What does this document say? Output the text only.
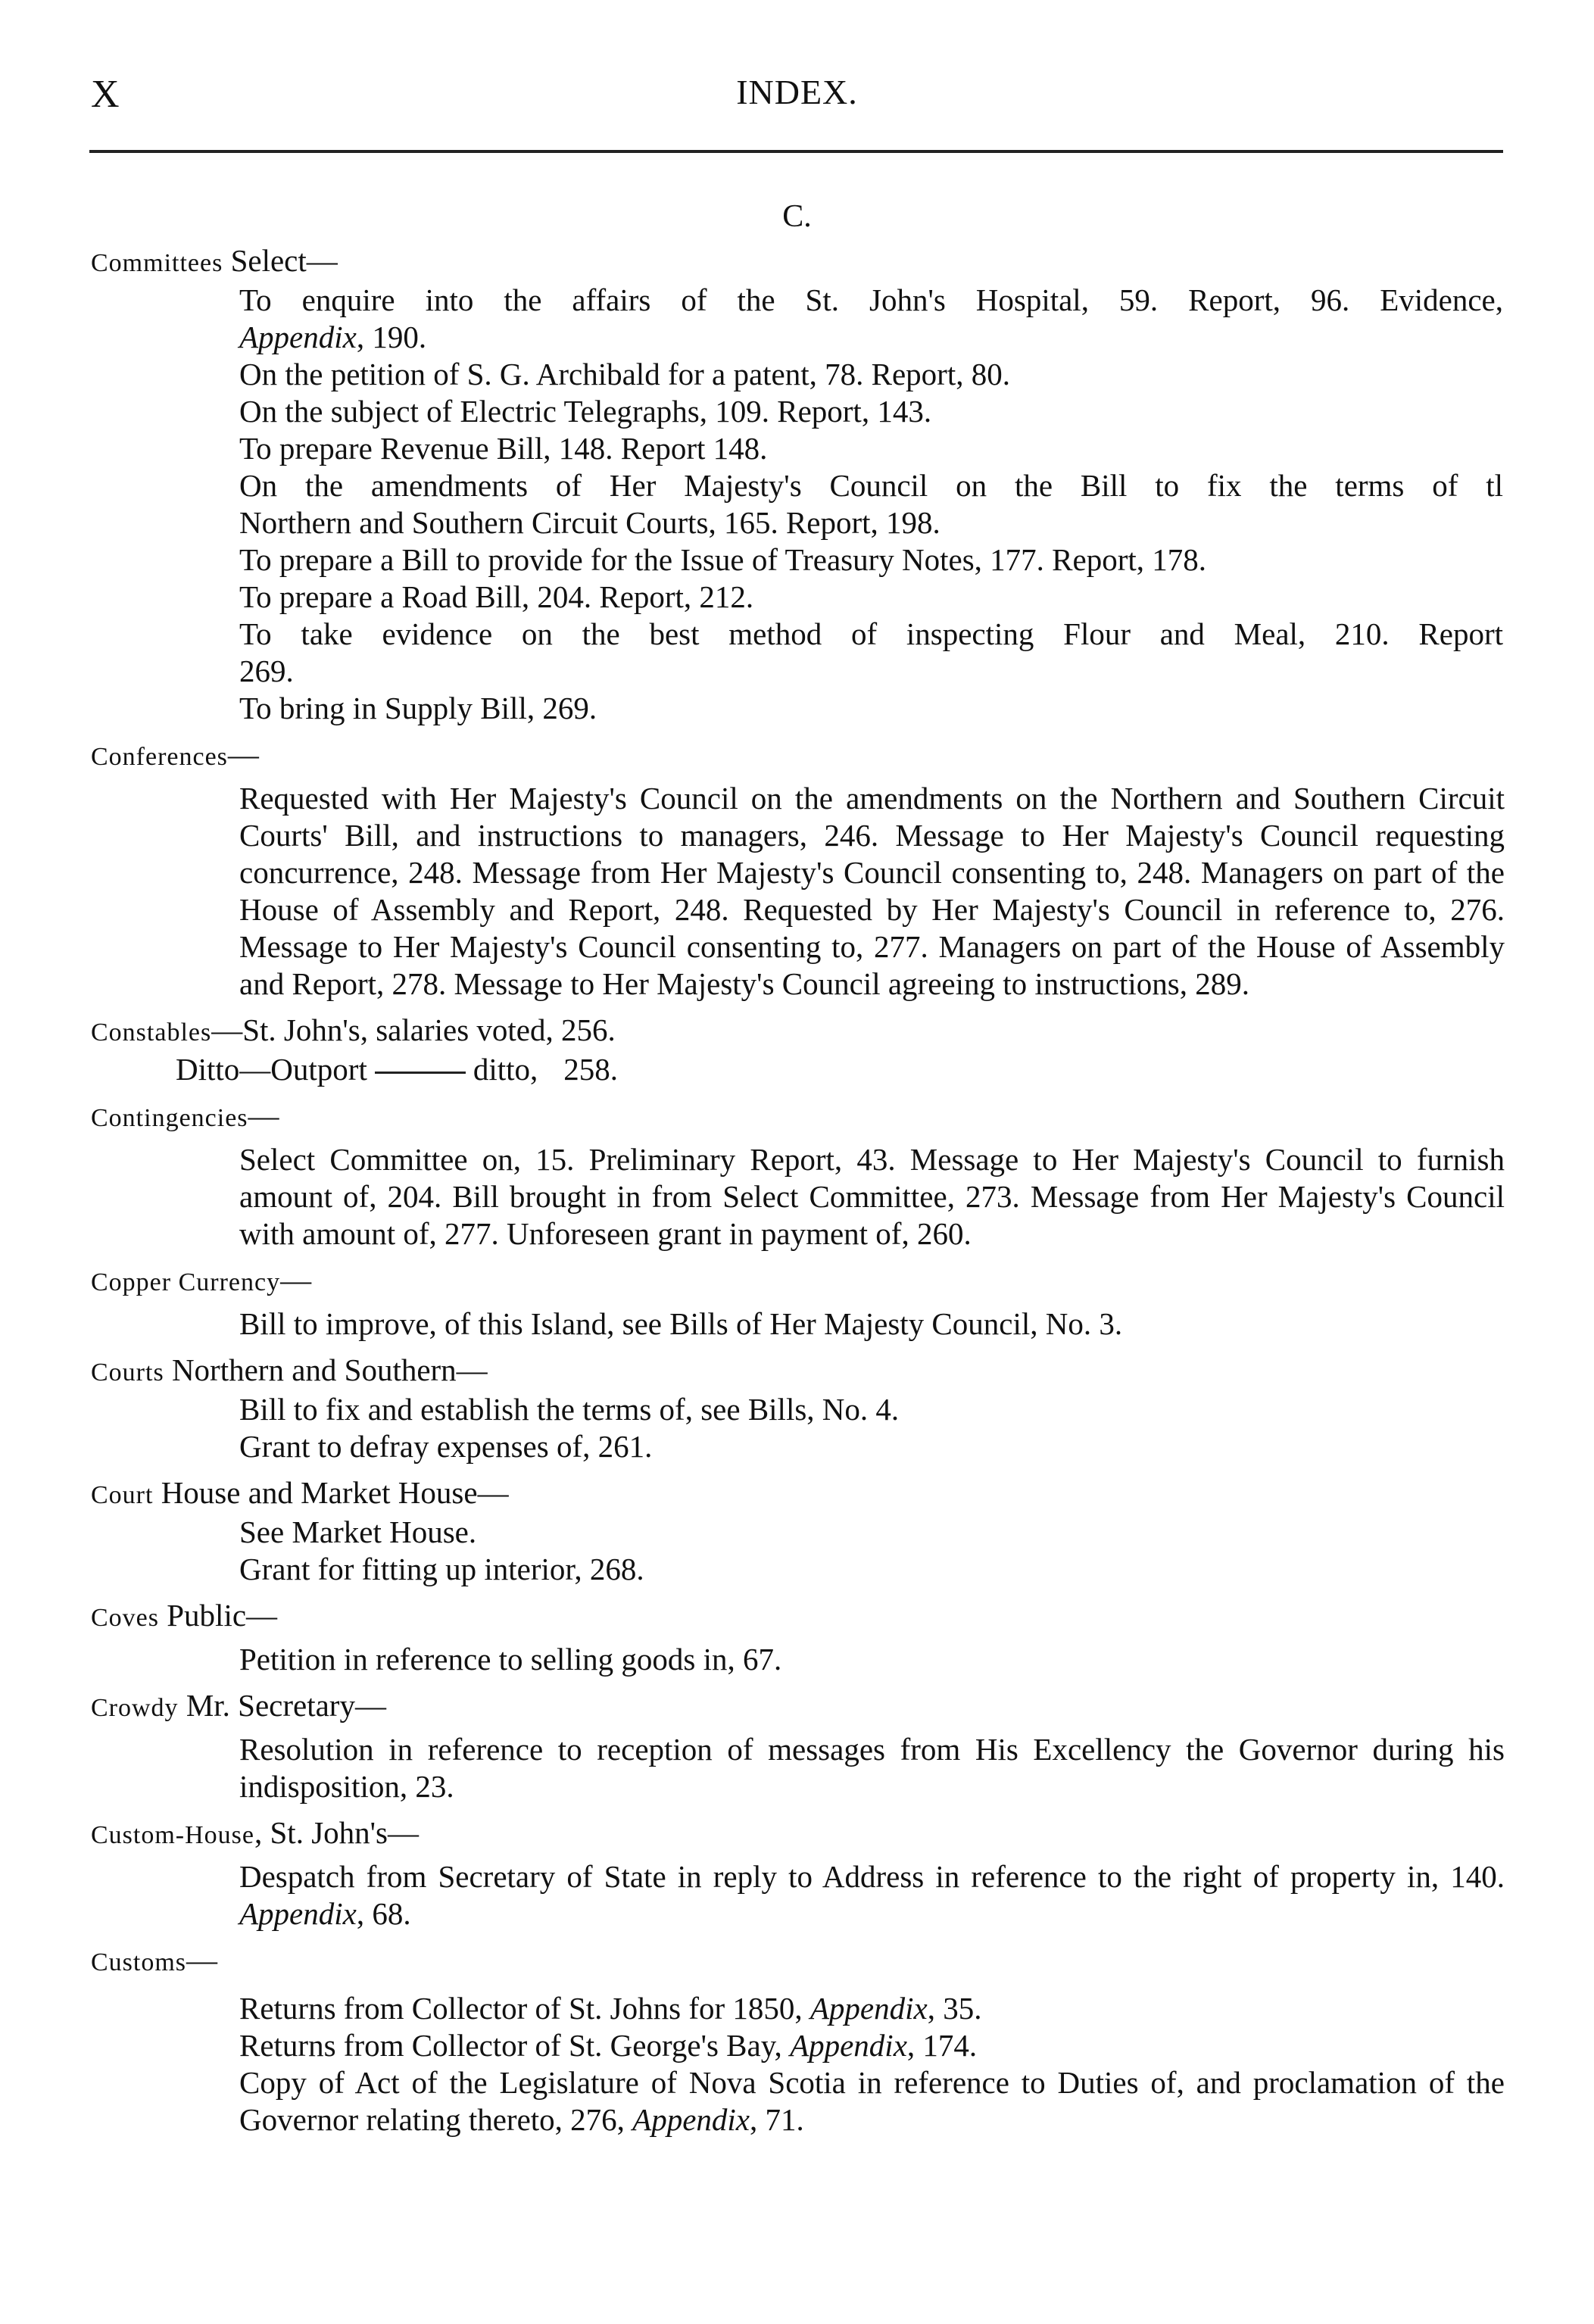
X	INDEX.
C.
Committees Select—
To enquire into the affairs of the St. John's Hospital, 59. Report, 96. Evidence,
Appendix, 190.
On the petition of S. G. Archibald for a patent, 78. Report, 80.
On the subject of Electric Telegraphs, 109. Report, 143.
To prepare Revenue Bill, 148. Report 148.
On the amendments of Her Majesty's Council on the Bill to fix the terms of tl
Northern and Southern Circuit Courts, 165. Report, 198.
To prepare a Bill to provide for the Issue of Treasury Notes, 177. Report, 178.
To prepare a Road Bill, 204. Report, 212.
To take evidence on the best method of inspecting Flour and Meal, 210. Report
269.
To bring in Supply Bill, 269.
Conferences—
Requested with Her Majesty's Council on the amendments on the Northern and Southern Circuit Courts' Bill, and instructions to managers, 246. Message to Her Majesty's Council requesting concurrence, 248. Message from Her Majesty's Council consenting to, 248. Managers on part of the House of Assembly and Report, 248. Requested by Her Majesty's Council in reference to, 276. Message to Her Majesty's Council consenting to, 277. Managers on part of the House of Assembly and Report, 278. Message to Her Majesty's Council agreeing to instructions, 289.
Constables—St. John's, salaries voted, 256.
Ditto—Outport	ditto, 258.
Contingencies—
Select Committee on, 15. Preliminary Report, 43. Message to Her Majesty's Council to furnish amount of, 204. Bill brought in from Select Committee, 273. Message from Her Majesty's Council with amount of, 277. Unforeseen grant in payment of, 260.
Copper Currency—
Bill to improve, of this Island, see Bills of Her Majesty Council, No. 3.
Courts Northern and Southern—
Bill to fix and establish the terms of, see Bills, No. 4.
Grant to defray expenses of, 261.
Court House and Market House—
See Market House.
Grant for fitting up interior, 268.
Coves Public—
Petition in reference to selling goods in, 67.
Crowdy Mr. Secretary—
Resolution in reference to reception of messages from His Excellency the Governor during his indisposition, 23.
Custom-House, St. John's—
Despatch from Secretary of State in reply to Address in reference to the right of property in, 140. Appendix, 68.
Customs—
Returns from Collector of St. Johns for 1850, Appendix, 35.
Returns from Collector of St. George's Bay, Appendix, 174.
Copy of Act of the Legislature of Nova Scotia in reference to Duties of, and proclamation of the Governor relating thereto, 276, Appendix, 71.
